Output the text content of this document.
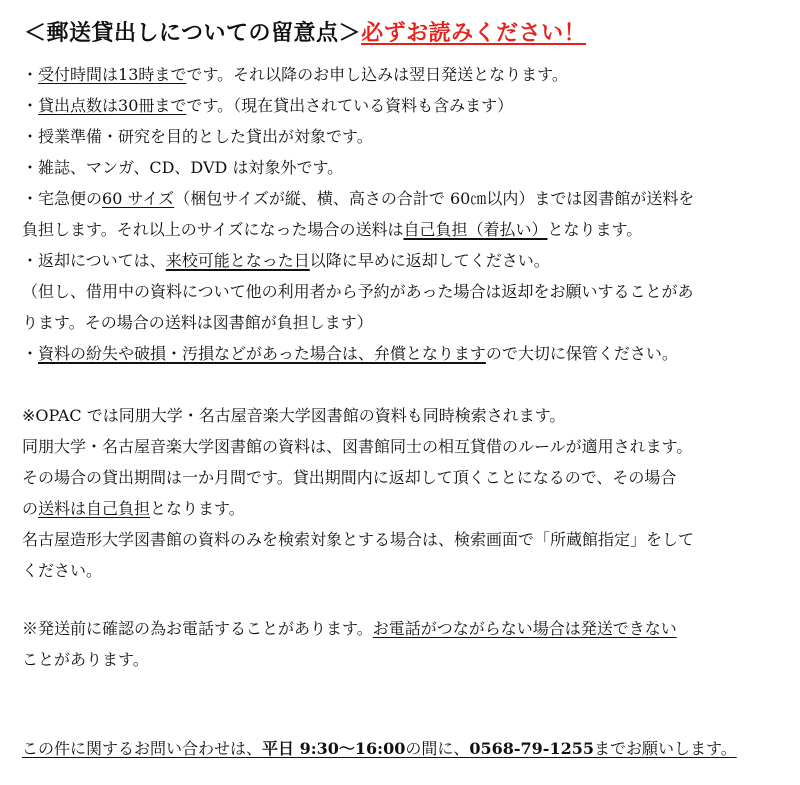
＜郵送貸出しについての留意点＞必ずお読みください！
・受付時間は13時までです。それ以降のお申し込みは翌日発送となります。
・貸出点数は30冊までです。（現在貸出されている資料も含みます）
・授業準備・研究を目的とした貸出が対象です。
・雑誌、マンガ、CD、DVD は対象外です。
・宅急便の60 サイズ（梱包サイズが縦、横、高さの合計で 60㎝以内）までは図書館が送料を
負担します。それ以上のサイズになった場合の送料は自己負担（着払い）となります。
・返却については、来校可能となった日以降に早めに返却してください。
（但し、借用中の資料について他の利用者から予約があった場合は返却をお願いすることがあ
ります。その場合の送料は図書館が負担します）
・資料の紛失や破損・汚損などがあった場合は、弁償となりますので大切に保管ください。
※OPAC では同朋大学・名古屋音楽大学図書館の資料も同時検索されます。
同朋大学・名古屋音楽大学図書館の資料は、図書館同士の相互貸借のルールが適用されます。
その場合の貸出期間は一か月間です。貸出期間内に返却して頂くことになるので、その場合
の送料は自己負担となります。
名古屋造形大学図書館の資料のみを検索対象とする場合は、検索画面で「所蔵館指定」をして
ください。
※発送前に確認の為お電話することがあります。お電話がつながらない場合は発送できない
ことがあります。
この件に関するお問い合わせは、平日 9:30～16:00の間に、0568-79-1255までお願いします。
